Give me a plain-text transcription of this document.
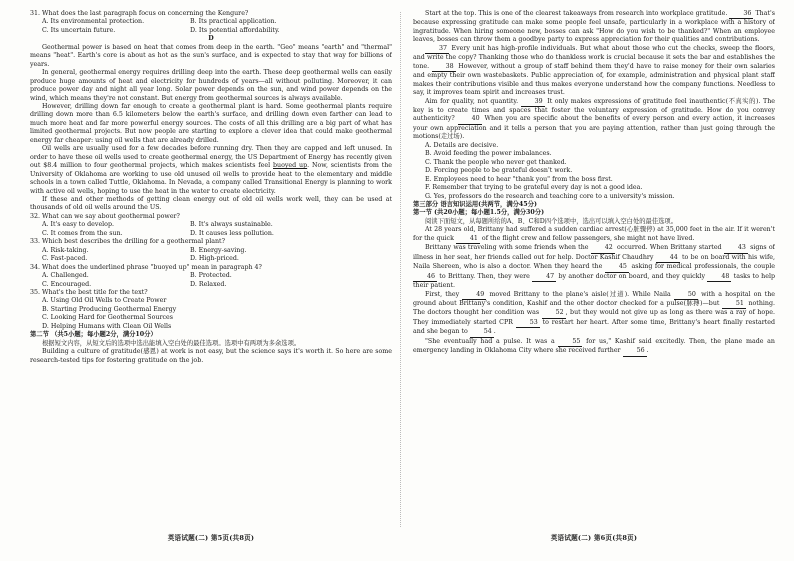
31. What does the last paragraph focus on concerning the Kengure?

A. Its environmental protection.	B. Its practical application.
C. Its uncertain future.	D. Its potential affordability.

D

Geothermal power is based on heat that comes from deep in the earth. "Geo" means "earth" and "thermal" means "heat". Earth's core is about as hot as the sun's surface, and is expected to stay that way for billions of years.

In general, geothermal energy requires drilling deep into the earth. These deep geothermal wells can easily produce huge amounts of heat and electricity for hundreds of years—all without polluting. Moreover, it can produce power day and night all year long. Solar power depends on the sun, and wind power depends on the wind, which means they're not constant. But energy from geothermal sources is always available.

However, drilling down far enough to create a geothermal plant is hard. Some geothermal plants require drilling down more than 6.5 kilometers below the earth's surface, and drilling down even farther can lead to much more heat and far more powerful energy sources. The costs of all this drilling are a big part of what has limited geothermal projects. But now people are starting to explore a clever idea that could make geothermal energy far cheaper: using oil wells that are already drilled.

Oil wells are usually used for a few decades before running dry. Then they are capped and left unused. In order to have these oil wells used to create geothermal energy, the US Department of Energy has recently given out $8.4 million to four geothermal projects, which makes scientists feel buoyed up. Now, scientists from the University of Oklahoma are working to use old unused oil wells to provide heat to the elementary and middle schools in a town called Tuttle, Oklahoma. In Nevada, a company called Transitional Energy is planning to work with active oil wells, hoping to use the heat in the water to create electricity.

If these and other methods of getting clean energy out of old oil wells work well, they can be used at thousands of old oil wells around the US.

32. What can we say about geothermal power?

A. It's easy to develop.	B. It's always sustainable.
C. It comes from the sun.	D. It causes less pollution.

33. Which best describes the drilling for a geothermal plant?

A. Risk-taking.	B. Energy-saving.
C. Fast-paced.	D. High-priced.

34. What does the underlined phrase "buoyed up" mean in paragraph 4?

A. Challenged.	B. Protected.
C. Encouraged.	D. Relaxed.

35. What's the best title for the text?

A. Using Old Oil Wells to Create Power

B. Starting Producing Geothermal Energy

C. Looking Hard for Geothermal Sources

D. Helping Humans with Clean Oil Wells

第二节 （共5小题；每小题2分，满分10分）

根据短文内容，从短文后的选项中选出能填入空白处的最佳选项。选项中有两项为多余选项。

Building a culture of gratitude(感恩) at work is not easy, but the science says it's worth it. So here are some research-tested tips for fostering gratitude on the job.

Start at the top. This is one of the clearest takeaways from research into workplace gratitude. 36 That's because expressing gratitude can make some people feel unsafe, particularly in a workplace with a history of ingratitude. When hiring someone new, bosses can ask "How do you wish to be thanked?" When an employee leaves, bosses can throw them a goodbye party to express appreciation for their qualities and contributions.

37 Every unit has high-profile individuals. But what about those who cut the checks, sweep the floors, and write the copy? Thanking those who do thankless work is crucial because it sets the bar and establishes the tone. 38 However, without a group of staff behind them they'd have to raise money for their own salaries and empty their own wastebaskets. Public appreciation of, for example, administration and physical plant staff makes their contributions visible and thus makes everyone understand how the company functions. Needless to say, it improves team spirit and increases trust.

Aim for quality, not quantity. 39 It only makes expressions of gratitude feel inauthentic(不真实的). The key is to create times and spaces that foster the voluntary expression of gratitude. How do you convey authenticity? 40 When you are specific about the benefits of every person and every action, it increases your own appreciation and it tells a person that you are paying attention, rather than just going through the motions(走过场).

A. Details are decisive.

B. Avoid feeding the power imbalances.

C. Thank the people who never get thanked.

D. Forcing people to be grateful doesn't work.

E. Employees need to hear "thank you" from the boss first.

F. Remember that trying to be grateful every day is not a good idea.

G. Yes, professors do the research and teaching core to a university's mission.

第三部分 语言知识运用(共两节，满分45分)

第一节 (共20小题；每小题1.5分，满分30分)

阅读下面短文，从每题所给的A、B、C和D四个选项中，选出可以填入空白处的最佳选项。

At 28 years old, Brittany had suffered a sudden cardiac arrest(心脏骤停) at 35,000 feet in the air. If it weren't for the quick 41 of the flight crew and fellow passengers, she might not have lived.

Brittany was traveling with some friends when the 42 occurred. When Brittany started 43 signs of illness in her seat, her friends called out for help. Doctor Kashif Chaudhry 44 to be on board with his wife, Naila Shereen, who is also a doctor. When they heard the 45 asking for medical professionals, the couple 46 to Brittany. Then, they were 47 by another doctor on board, and they quickly 48 tasks to help their patient.

First, they 49 moved Brittany to the plane's aisle(过道). While Naila 50 with a hospital on the ground about Brittany's condition, Kashif and the other doctor checked for a pulse(脉搏)—but 51 nothing. The doctors thought her condition was 52 , but they would not give up as long as there was a ray of hope. They immediately started CPR 53 to restart her heart. After some time, Brittany's heart finally restarted and she began to 54 .

"She eventually had a pulse. It was a 55 for us," Kashif said excitedly. Then, the plane made an emergency landing in Oklahoma City where she received further 56 .

英语试题(二) 第5页(共8页)	英语试题(二) 第6页(共8页)
